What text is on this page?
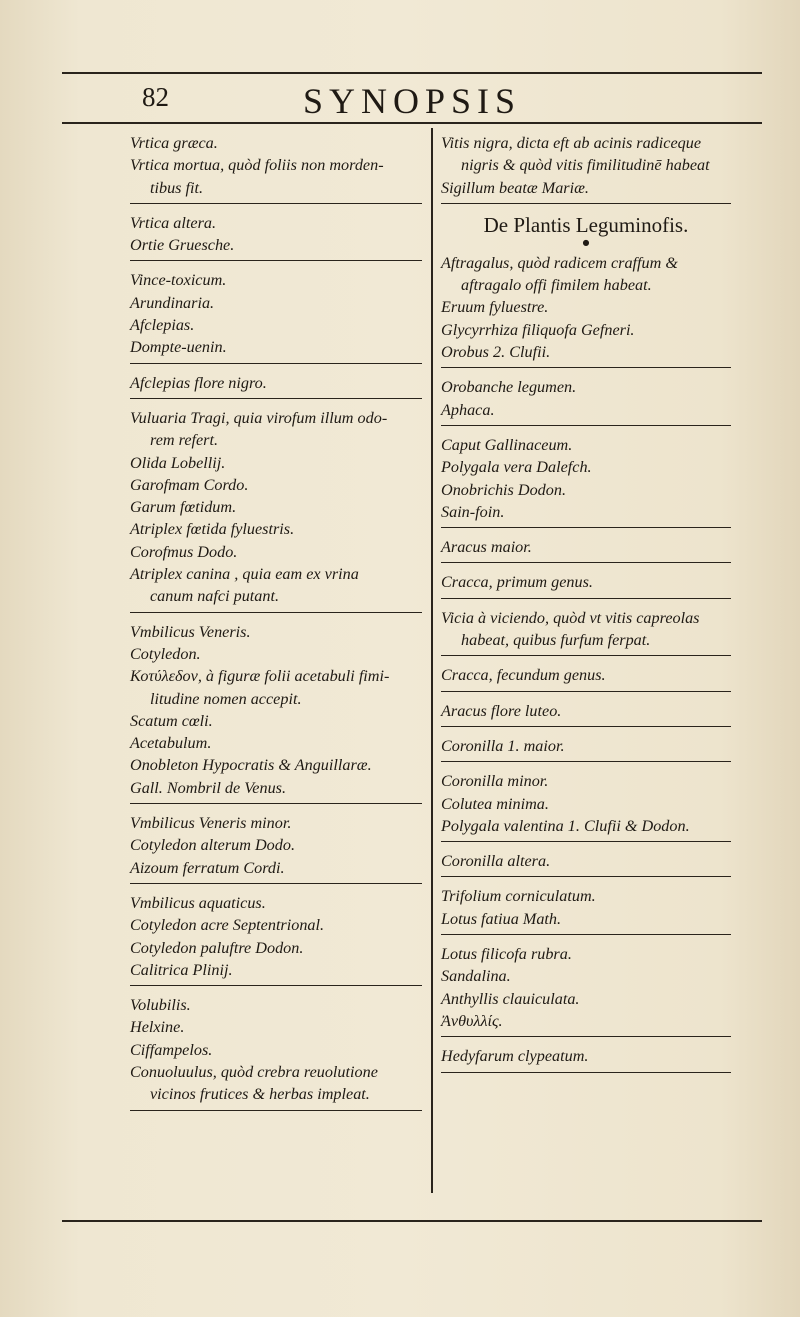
82	SYNOPSIS
Vrtica græca.
Vrtica mortua, quòd foliis non morden-
tibus fit.
Vrtica altera.
Ortie Gruesche.
Vince-toxicum.
Arundinaria.
Afclepias.
Dompte-uenin.
Afclepias flore nigro.
Vuluaria Tragi, quia virofum illum odo-
rem refert.
Olida Lobellij.
Garofmam Cordo.
Garum fœtidum.
Atriplex fœtida fyluestris.
Corofmus Dodo.
Atriplex canina , quia eam ex vrina
canum nafci putant.
Vmbilicus Veneris.
Cotyledon.
Κοτύλεδον, à figuræ folii acetabuli fimi-
litudine nomen accepit.
Scatum cœli.
Acetabulum.
Onobleton Hypocratis & Anguillaræ.
Gall. Nombril de Venus.
Vmbilicus Veneris minor.
Cotyledon alterum Dodo.
Aizoum ferratum Cordi.
Vmbilicus aquaticus.
Cotyledon acre Septentrional.
Cotyledon paluftre Dodon.
Calitrica Plinij.
Volubilis.
Helxine.
Ciffampelos.
Conuoluulus, quòd crebra reuolutione
vicinos frutices & herbas impleat.
Vitis nigra, dicta eft ab acinis radiceque
nigris & quòd vitis fimilitudinē habeat
Sigillum beatæ Mariæ.
De Plantis Leguminofis.
●
Aftragalus, quòd radicem craffum &
aftragalo offi fimilem habeat.
Eruum fyluestre.
Glycyrrhiza filiquofa Gefneri.
Orobus 2. Clufii.
Orobanche legumen.
Aphaca.
Caput Gallinaceum.
Polygala vera Dalefch.
Onobrichis Dodon.
Sain-foin.
Aracus maior.
Cracca, primum genus.
Vicia à viciendo, quòd vt vitis capreolas
habeat, quibus furfum ferpat.
Cracca, fecundum genus.
Aracus flore luteo.
Coronilla 1. maior.
Coronilla minor.
Colutea minima.
Polygala valentina 1. Clufii & Dodon.
Coronilla altera.
Trifolium corniculatum.
Lotus fatiua Math.
Lotus filicofa rubra.
Sandalina.
Anthyllis clauiculata.
Ἀνθυλλίς.
Hedyfarum clypeatum.
